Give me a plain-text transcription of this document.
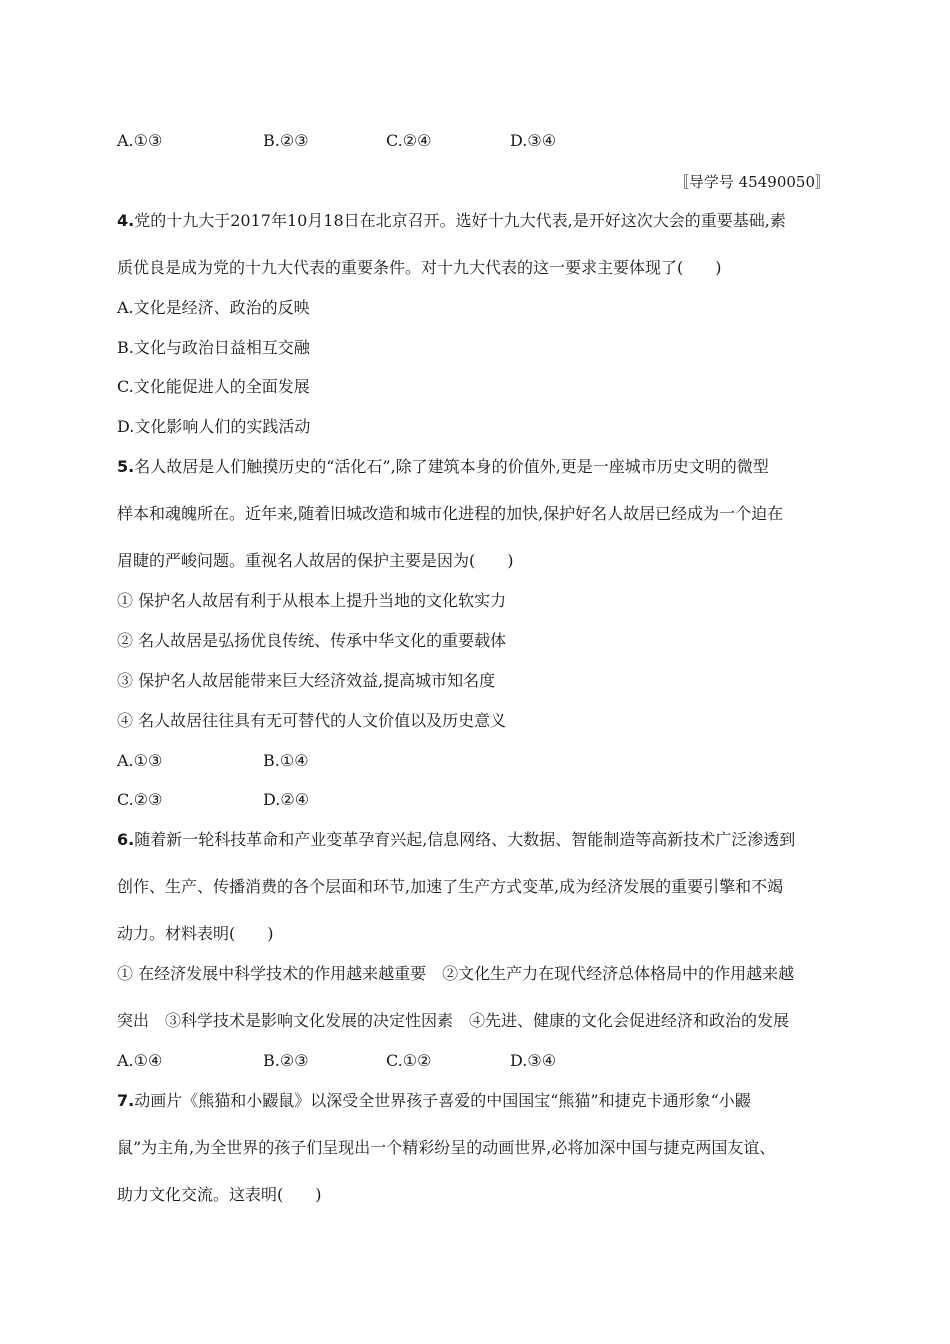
A.①③	B.②③	C.②④	D.③④
〚导学号 45490050〛
4.党的十九大于2017年10月18日在北京召开。选好十九大代表,是开好这次大会的重要基础,素
质优良是成为党的十九大代表的重要条件。对十九大代表的这一要求主要体现了(　　)
A.文化是经济、政治的反映
B.文化与政治日益相互交融
C.文化能促进人的全面发展
D.文化影响人们的实践活动
5.名人故居是人们触摸历史的“活化石”,除了建筑本身的价值外,更是一座城市历史文明的微型
样本和魂魄所在。近年来,随着旧城改造和城市化进程的加快,保护好名人故居已经成为一个迫在
眉睫的严峻问题。重视名人故居的保护主要是因为(　　)
① 保护名人故居有利于从根本上提升当地的文化软实力
② 名人故居是弘扬优良传统、传承中华文化的重要载体
③ 保护名人故居能带来巨大经济效益,提高城市知名度
④ 名人故居往往具有无可替代的人文价值以及历史意义
A.①③	B.①④
C.②③	D.②④
6.随着新一轮科技革命和产业变革孕育兴起,信息网络、大数据、智能制造等高新技术广泛渗透到
创作、生产、传播消费的各个层面和环节,加速了生产方式变革,成为经济发展的重要引擎和不竭
动力。材料表明(　　)
① 在经济发展中科学技术的作用越来越重要　②文化生产力在现代经济总体格局中的作用越来越
突出　③科学技术是影响文化发展的决定性因素　④先进、健康的文化会促进经济和政治的发展
A.①④	B.②③	C.①②	D.③④
7.动画片《熊猫和小鼹鼠》以深受全世界孩子喜爱的中国国宝“熊猫”和捷克卡通形象“小鼹
鼠”为主角,为全世界的孩子们呈现出一个精彩纷呈的动画世界,必将加深中国与捷克两国友谊、
助力文化交流。这表明(　　)
